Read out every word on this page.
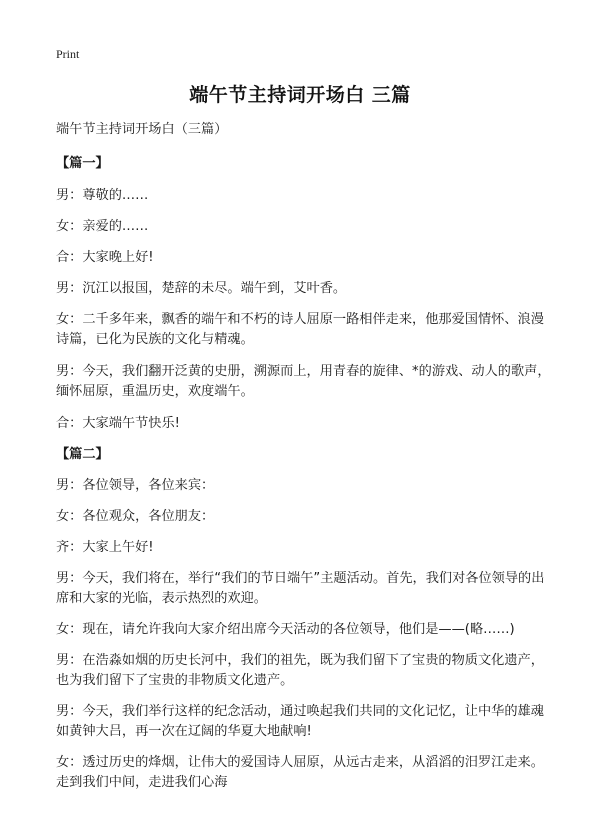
Print
端午节主持词开场白 三篇

端午节主持词开场白（三篇）

【篇一】

男：尊敬的……

女：亲爱的……

合：大家晚上好!

男：沉江以报国，楚辞的未尽。端午到，艾叶香。

女：二千多年来，飘香的端午和不朽的诗人屈原一路相伴走来，他那爱国情怀、浪漫诗篇，已化为民族的文化与精魂。

男：今天，我们翻开泛黄的史册，溯源而上，用青春的旋律、*的游戏、动人的歌声，缅怀屈原，重温历史，欢度端午。

合：大家端午节快乐!

【篇二】

男：各位领导，各位来宾：

女：各位观众，各位朋友：

齐：大家上午好!

男：今天，我们将在，举行“我们的节日端午”主题活动。首先，我们对各位领导的出席和大家的光临，表示热烈的欢迎。

女：现在，请允许我向大家介绍出席今天活动的各位领导，他们是——(略……)

男：在浩淼如烟的历史长河中，我们的祖先，既为我们留下了宝贵的物质文化遗产，也为我们留下了宝贵的非物质文化遗产。

男：今天，我们举行这样的纪念活动，通过唤起我们共同的文化记忆，让中华的雄魂如黄钟大吕，再一次在辽阔的华夏大地献响!

女：透过历史的烽烟，让伟大的爱国诗人屈原，从远古走来，从滔滔的汨罗江走来。走到我们中间，走进我们心海
